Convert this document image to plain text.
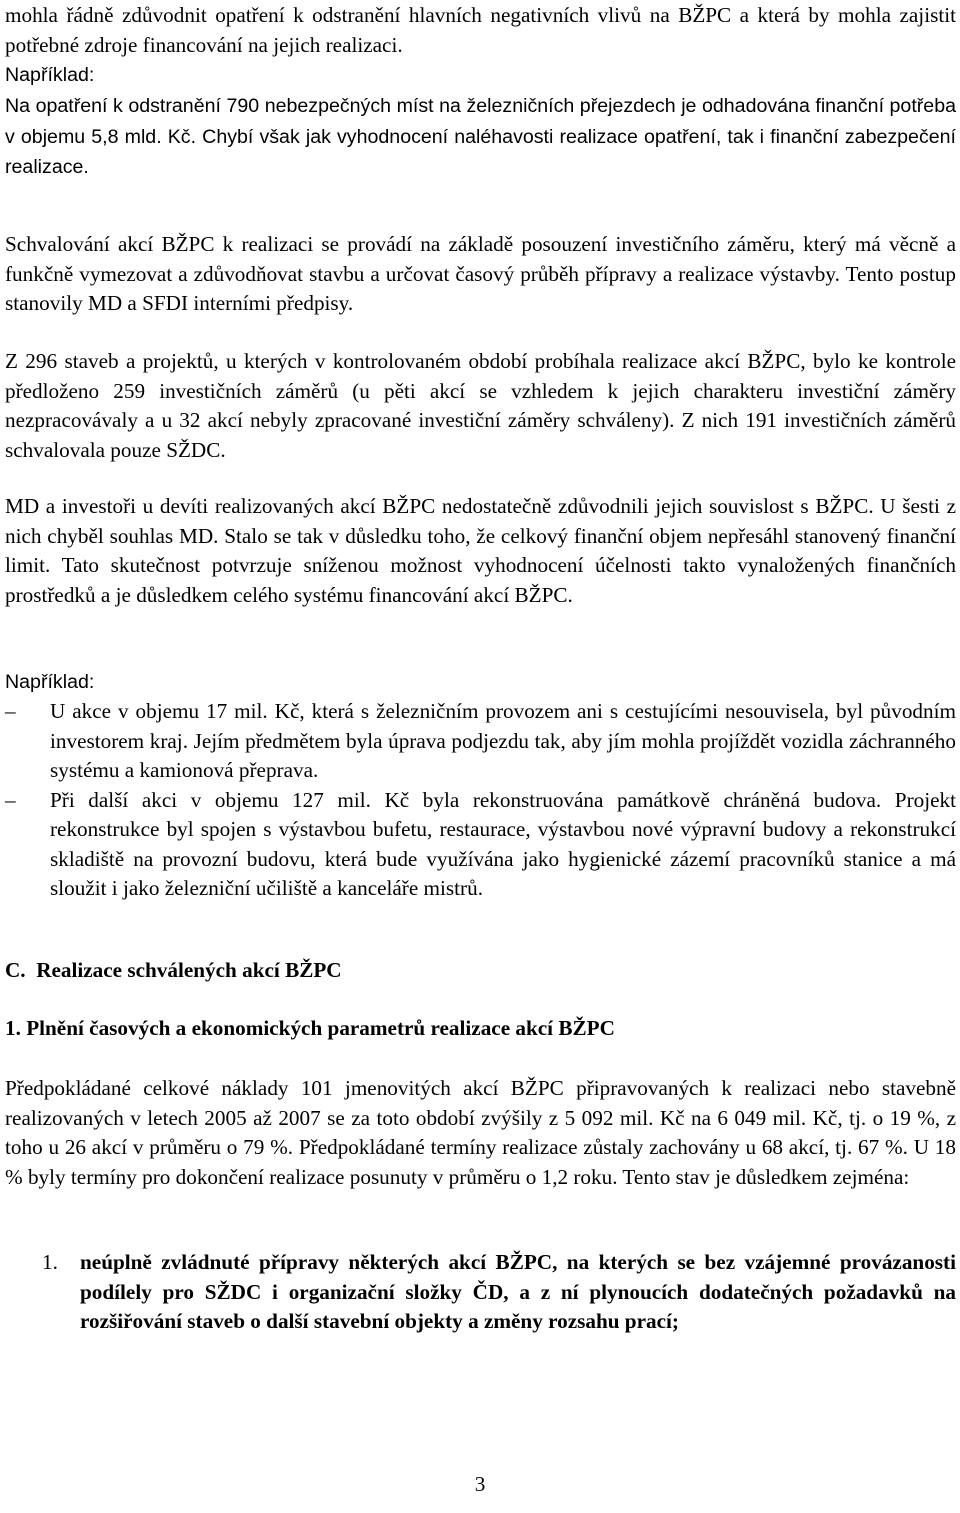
mohla řádně zdůvodnit opatření k odstranění hlavních negativních vlivů na BŽPC a která by mohla zajistit potřebné zdroje financování na jejich realizaci.

Například:

Na opatření k odstranění 790 nebezpečných míst na železničních přejezdech je odhadována finanční potřeba v objemu 5,8 mld. Kč. Chybí však jak vyhodnocení naléhavosti realizace opatření, tak i finanční zabezpečení realizace.

Schvalování akcí BŽPC k realizaci se provádí na základě posouzení investičního záměru, který má věcně a funkčně vymezovat a zdůvodňovat stavbu a určovat časový průběh přípravy a realizace výstavby. Tento postup stanovily MD a SFDI interními předpisy.

Z 296 staveb a projektů, u kterých v kontrolovaném období probíhala realizace akcí BŽPC, bylo ke kontrole předloženo 259 investičních záměrů (u pěti akcí se vzhledem k jejich charakteru investiční záměry nezpracovávaly a u 32 akcí nebyly zpracované investiční záměry schváleny). Z nich 191 investičních záměrů schvalovala pouze SŽDC.

MD a investoři u devíti realizovaných akcí BŽPC nedostatečně zdůvodnili jejich souvislost s BŽPC. U šesti z nich chyběl souhlas MD. Stalo se tak v důsledku toho, že celkový finanční objem nepřesáhl stanovený finanční limit. Tato skutečnost potvrzuje sníženou možnost vyhodnocení účelnosti takto vynaložených finančních prostředků a je důsledkem celého systému financování akcí BŽPC.

Například:

– U akce v objemu 17 mil. Kč, která s železničním provozem ani s cestujícími nesouvisela, byl původním investorem kraj. Jejím předmětem byla úprava podjezdu tak, aby jím mohla projíždět vozidla záchranného systému a kamionová přeprava.
– Při další akci v objemu 127 mil. Kč byla rekonstruována památkově chráněná budova. Projekt rekonstrukce byl spojen s výstavbou bufetu, restaurace, výstavbou nové výpravní budovy a rekonstrukcí skladiště na provozní budovu, která bude využívána jako hygienické zázemí pracovníků stanice a má sloužit i jako železniční učiliště a kanceláře mistrů.

C.  Realizace schválených akcí BŽPC

1. Plnění časových a ekonomických parametrů realizace akcí BŽPC

Předpokládané celkové náklady 101 jmenovitých akcí BŽPC připravovaných k realizaci nebo stavebně realizovaných v letech 2005 až 2007 se za toto období zvýšily z 5 092 mil. Kč na 6 049 mil. Kč, tj. o 19 %, z toho u 26 akcí v průměru o 79 %. Předpokládané termíny realizace zůstaly zachovány u 68 akcí, tj. 67 %. U 18 % byly termíny pro dokončení realizace posunuty v průměru o 1,2 roku. Tento stav je důsledkem zejména:

1. neúplně zvládnuté přípravy některých akcí BŽPC, na kterých se bez vzájemné provázanosti podílely pro SŽDC i organizační složky ČD, a z ní plynoucích dodatečných požadavků na rozšiřování staveb o další stavební objekty a změny rozsahu prací;
3
